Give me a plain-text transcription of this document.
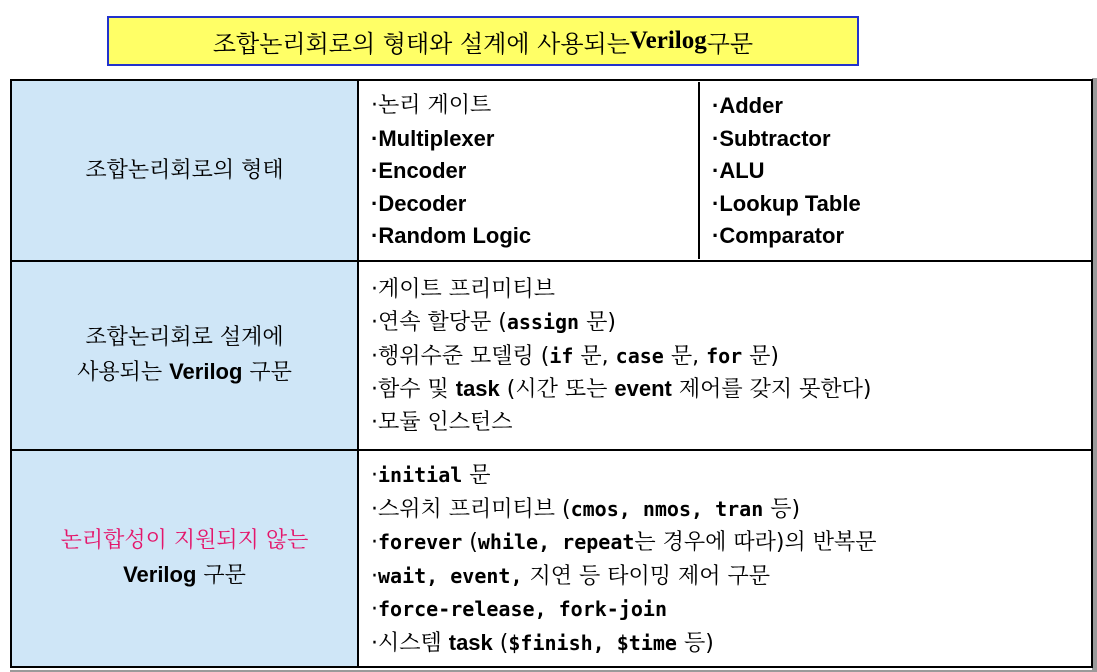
조합논리회로의 형태와 설계에 사용되는 Verilog 구문
조합논리회로의 형태	
·논리 게이트
·Multiplexer
·Encoder
·Decoder
·Random Logic

·Adder
·Subtractor
·ALU
·Lookup Table
·Comparator

조합논리회로 설계에
사용되는 Verilog 구문

·게이트 프리미티브
·연속 할당문 (assign 문)
·행위수준 모델링 (if 문, case 문, for 문)
·함수 및 task (시간 또는 event 제어를 갖지 못한다)
·모듈 인스턴스

논리합성이 지원되지 않는
Verilog 구문

·initial 문
·스위치 프리미티브 (cmos, nmos, tran 등)
·forever (while, repeat는 경우에 따라)의 반복문
·wait, event, 지연 등 타이밍 제어 구문
·force-release, fork-join
·시스템 task ($finish, $time 등)
